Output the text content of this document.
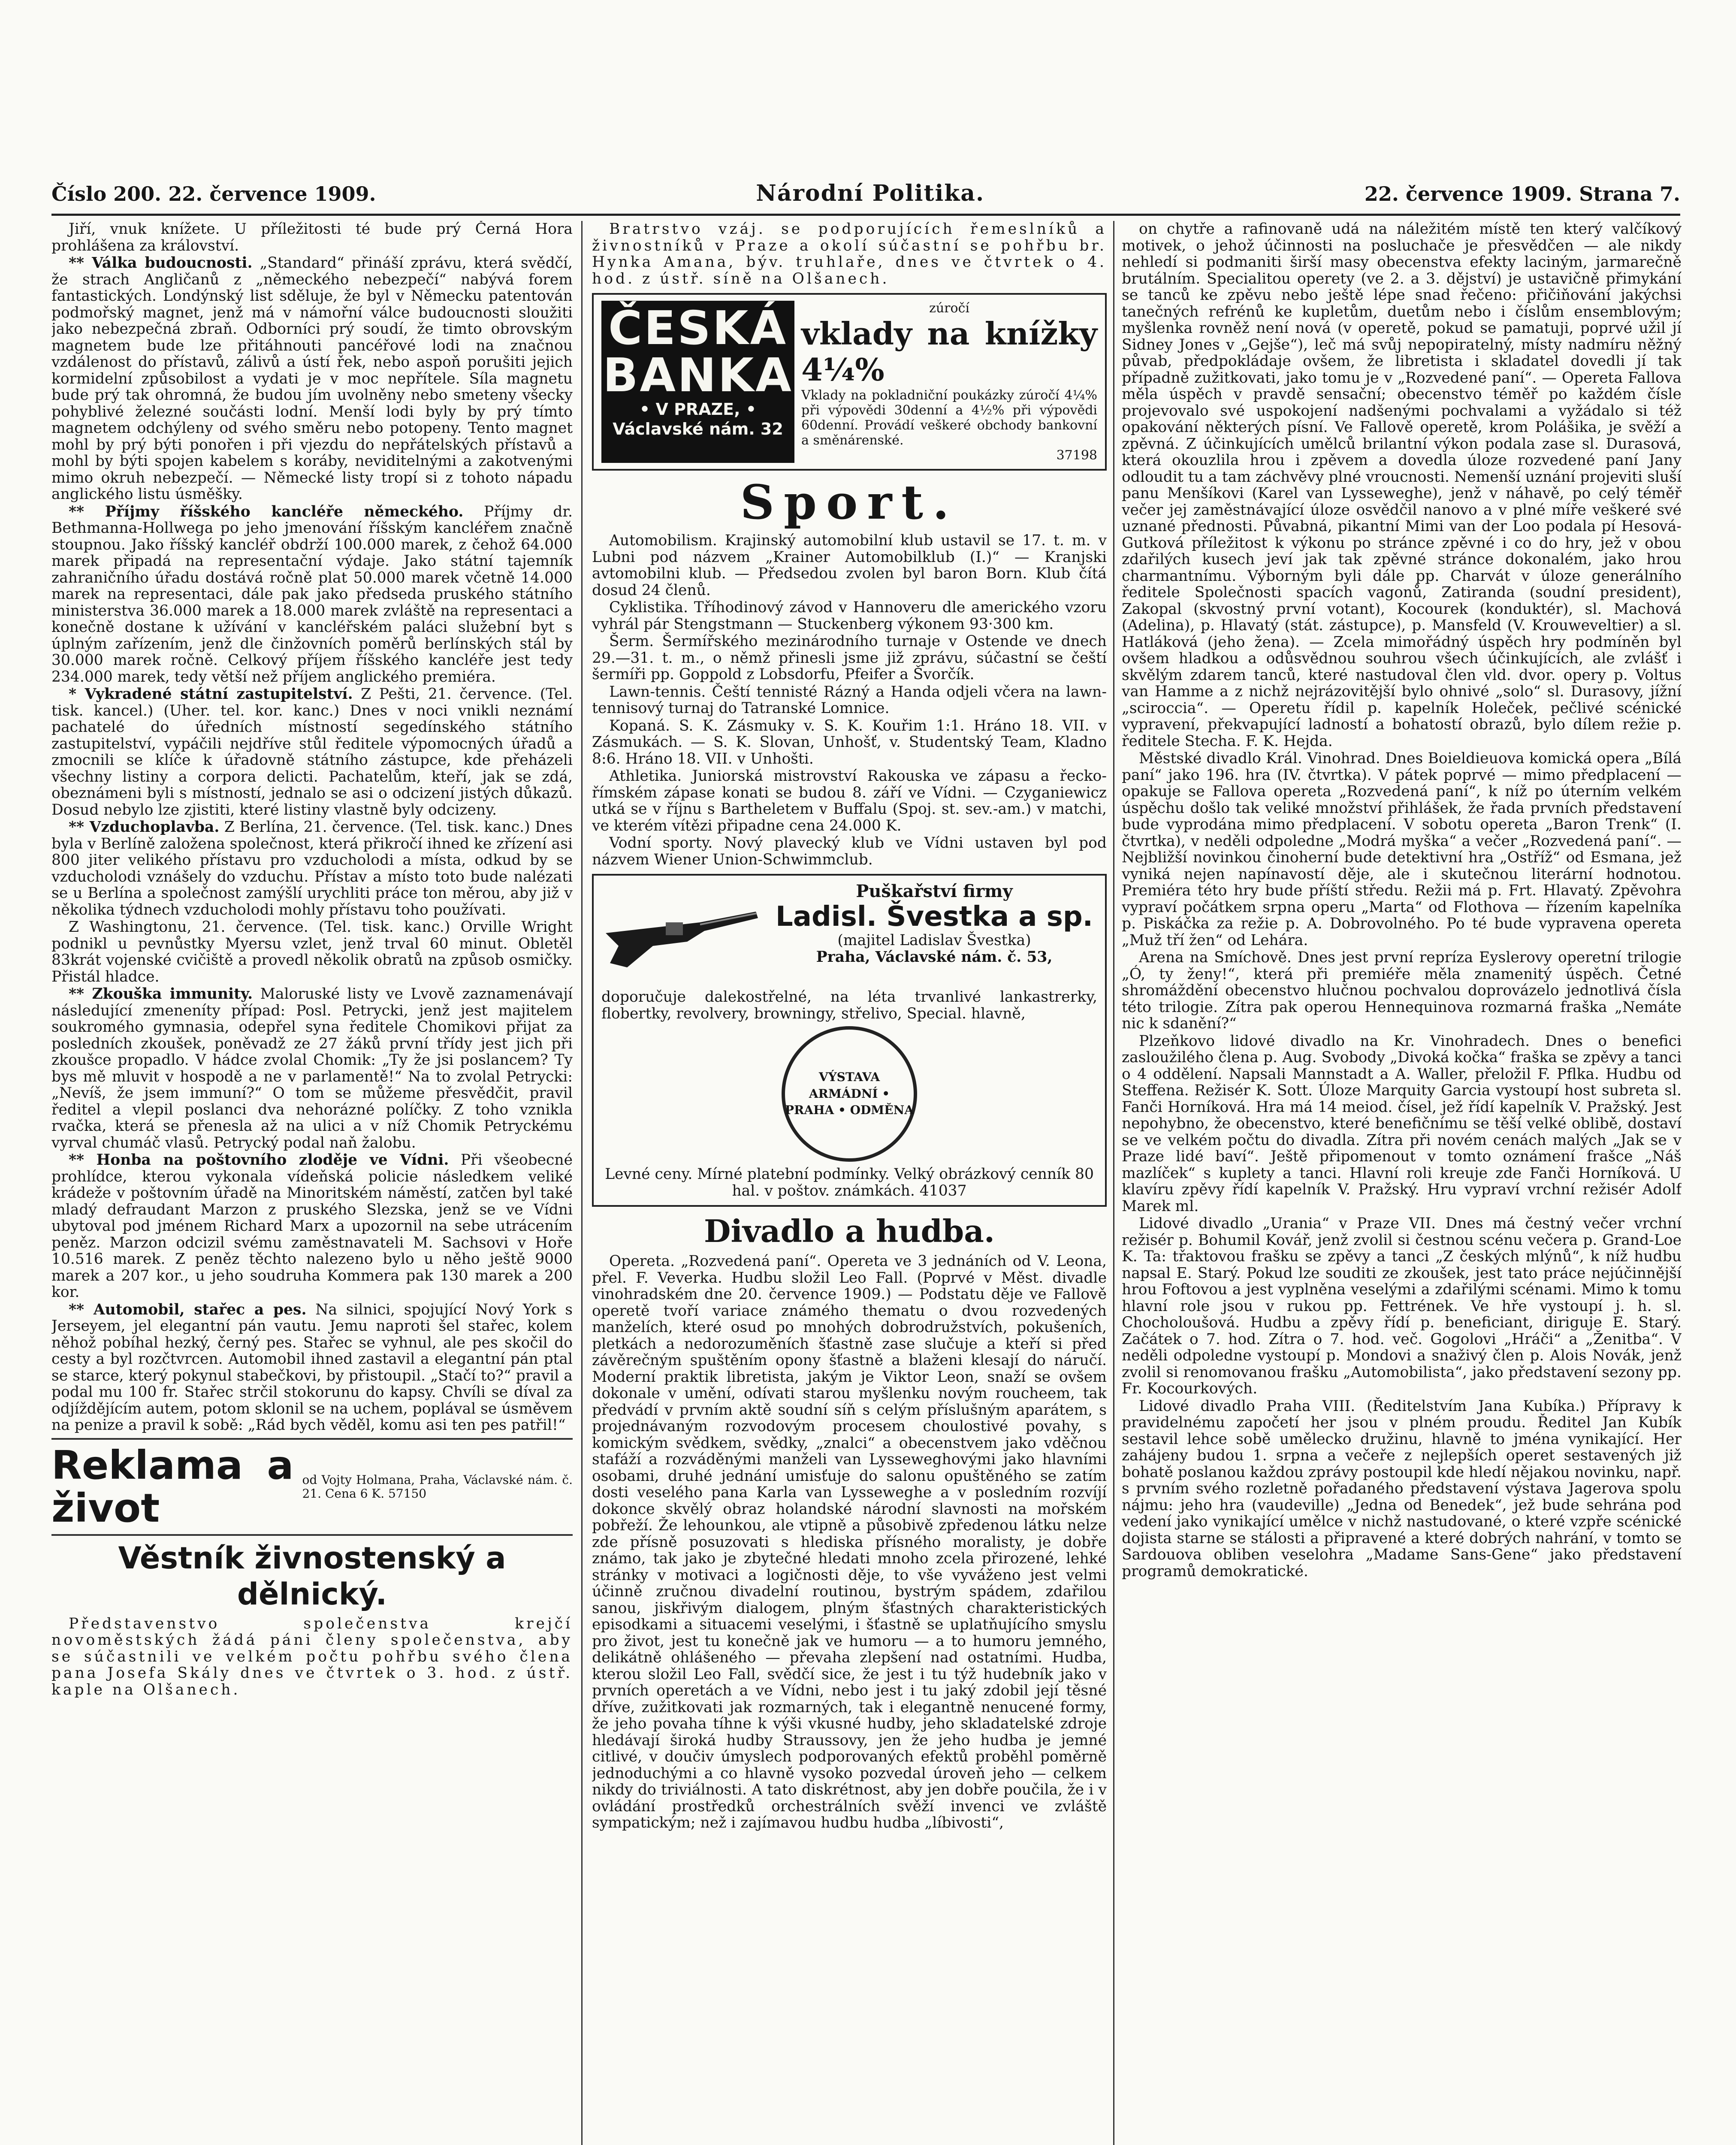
Číslo 200. 22. července 1909.	Národní Politika.	22. července 1909. Strana 7.

Jiří, vnuk knížete. U příležitosti té bude prý Černá Hora prohlášena za království.

** Válka budoucnosti. „Standard“ přináší zprávu, která svědčí, že strach Angličanů z „německého nebezpečí“ nabývá forem fantastických. Londýnský list sděluje, že byl v Německu patentován podmořský magnet, jenž má v námořní válce budoucnosti sloužiti jako nebezpečná zbraň. Odborníci prý soudí, že timto obrovským magnetem bude lze přitáhnouti pancéřové lodi na značnou vzdálenost do přístavů, zálivů a ústí řek, nebo aspoň porušiti jejich kormidelní způsobilost a vydati je v moc nepřítele. Síla magnetu bude prý tak ohromná, že budou jím uvolněny nebo smeteny všecky pohyblivé železné součásti lodní. Menší lodi byly by prý tímto magnetem odchýleny od svého směru nebo potopeny. Tento magnet mohl by prý býti ponořen i při vjezdu do nepřátelských přístavů a mohl by býti spojen kabelem s koráby, neviditelnými a zakotvenými mimo okruh nebezpečí. — Německé listy tropí si z tohoto nápadu anglického listu úsměšky.

** Příjmy říšského kancléře německého. Příjmy dr. Bethmanna-Hollwega po jeho jmenování říšským kancléřem značně stoupnou. Jako říšský kancléř obdrží 100.000 marek, z čehož 64.000 marek připadá na representační výdaje. Jako státní tajemník zahraničního úřadu dostává ročně plat 50.000 marek včetně 14.000 marek na representaci, dále pak jako předseda pruského státního ministerstva 36.000 marek a 18.000 marek zvláště na representaci a konečně dostane k užívání v kancléřském paláci služební byt s úplným zařízením, jenž dle činžovních poměrů berlínských stál by 30.000 marek ročně. Celkový příjem říšského kancléře jest tedy 234.000 marek, tedy větší než příjem anglického premiéra.

* Vykradené státní zastupitelství. Z Pešti, 21. července. (Tel. tisk. kancel.) (Uher. tel. kor. kanc.) Dnes v noci vnikli neznámí pachatelé do úředních místností segedínského státního zastupitelství, vypáčili nejdříve stůl ředitele výpomocných úřadů a zmocnili se klíče k úřadovně státního zástupce, kde přeházeli všechny listiny a corpora delicti. Pachatelům, kteří, jak se zdá, obeznámeni byli s místností, jednalo se asi o odcizení jistých důkazů. Dosud nebylo lze zjistiti, které listiny vlastně byly odcizeny.

** Vzduchoplavba. Z Berlína, 21. července. (Tel. tisk. kanc.) Dnes byla v Berlíně založena společnost, která přikročí ihned ke zřízení asi 800 jiter velikého přístavu pro vzducholodi a místa, odkud by se vzducholodi vznášely do vzduchu. Přístav a místo toto bude nalézati se u Berlína a společnost zamýšlí urychliti práce ton měrou, aby již v několika týdnech vzducholodi mohly přístavu toho používati.

Z Washingtonu, 21. července. (Tel. tisk. kanc.) Orville Wright podnikl u pevnůstky Myersu vzlet, jenž trval 60 minut. Obletěl 83krát vojenské cvičiště a provedl několik obratů na způsob osmičky. Přistál hladce.

** Zkouška immunity. Maloruské listy ve Lvově zaznamenávají následující zmeneníty případ: Posl. Petrycki, jenž jest majitelem soukromého gymnasia, odepřel syna ředitele Chomikovi přijat za posledních zkoušek, poněvadž ze 27 žáků první třídy jest jich při zkoušce propadlo. V hádce zvolal Chomik: „Ty že jsi poslancem? Ty bys mě mluvit v hospodě a ne v parlamentě!“ Na to zvolal Petrycki: „Nevíš, že jsem immuní?“ O tom se můžeme přesvědčit, pravil ředitel a vlepil poslanci dva nehorázné políčky. Z toho vznikla rvačka, která se přenesla až na ulici a v níž Chomik Petryckému vyrval chumáč vlasů. Petrycký podal naň žalobu.

** Honba na poštovního zloděje ve Vídni. Při všeobecné prohlídce, kterou vykonala vídeňská policie následkem veliké krádeže v poštovním úřadě na Minoritském náměstí, zatčen byl také mladý defraudant Marzon z pruského Slezska, jenž se ve Vídni ubytoval pod jménem Richard Marx a upozornil na sebe utrácením peněz. Marzon odcizil svému zaměstnavateli M. Sachsovi v Hoře 10.516 marek. Z peněz těchto nalezeno bylo u něho ještě 9000 marek a 207 kor., u jeho soudruha Kommera pak 130 marek a 200 kor.

** Automobil, stařec a pes. Na silnici, spojující Nový York s Jerseyem, jel elegantní pán vautu. Jemu naproti šel stařec, kolem něhož pobíhal hezký, černý pes. Stařec se vyhnul, ale pes skočil do cesty a byl rozčtvrcen. Automobil ihned zastavil a elegantní pán ptal se starce, který pokynul stabečkovi, by přistoupil. „Stačí to?“ pravil a podal mu 100 fr. Stařec strčil stokorunu do kapsy. Chvíli se díval za odjíždějícím autem, potom sklonil se na uchem, poplával se úsměvem na penize a pravil k sobě: „Rád bych věděl, komu asi ten pes patřil!“

Reklama a život
od Vojty Holmana, Praha, Václavské nám. č. 21. Cena 6 K. 57150
Věstník živnostenský a dělnický.

Představenstvo společenstva krejčí novoměstských žádá páni členy společenstva, aby se súčastnili ve velkém počtu pohřbu svého člena pana Josefa Skály dnes ve čtvrtek o 3. hod. z ústř. kaple na Olšanech.

Bratrstvo vzáj. se podporujících řemeslníků a živnostníků v Praze a okolí súčastní se pohřbu br. Hynka Amana, býv. truhlaře, dnes ve čtvrtek o 4. hod. z ústř. síně na Olšanech.

ČESKÁ
BANKA
• V PRAZE, •
Václavské nám. 32
zúročí
vklady na knížky 4¼%
Vklady na pokladniční poukázky zúročí 4¼% při výpovědi 30denní a 4½% při výpovědi 60denní. Provádí veškeré obchody bankovní a směnárenské.
37198
Sport.

Automobilism. Krajinský automobilní klub ustavil se 17. t. m. v Lubni pod názvem „Krainer Automobilklub (I.)“ — Kranjski avtomobilni klub. — Předsedou zvolen byl baron Born. Klub čítá dosud 24 členů.

Cyklistika. Tříhodinový závod v Hannoveru dle amerického vzoru vyhrál pár Stengstmann — Stuckenberg výkonem 93·300 km.

Šerm. Šermířského mezinárodního turnaje v Ostende ve dnech 29.—31. t. m., o němž přinesli jsme již zprávu, súčastní se čeští šermíři pp. Goppold z Lobsdorfu, Pfeifer a Švorčík.

Lawn-tennis. Čeští tennisté Rázný a Handa odjeli včera na lawn-tennisový turnaj do Tatranské Lomnice.

Kopaná. S. K. Zásmuky v. S. K. Kouřim 1:1. Hráno 18. VII. v Zásmukách. — S. K. Slovan, Unhošť, v. Studentský Team, Kladno 8:6. Hráno 18. VII. v Unhošti.

Athletika. Juniorská mistrovství Rakouska ve zápasu a řecko-římském zápase konati se budou 8. září ve Vídni. — Czyganiewicz utká se v říjnu s Bartheletem v Buffalu (Spoj. st. sev.-am.) v matchi, ve kterém vítězi připadne cena 24.000 K.

Vodní sporty. Nový plavecký klub ve Vídni ustaven byl pod názvem Wiener Union-Schwimmclub.

Puškařství firmy
Ladisl. Švestka a sp.
(majitel Ladislav Švestka)
Praha, Václavské nám. č. 53,
doporučuje dalekostřelné, na léta trvanlivé lankastrerky, flobertky, revolvery, browningy, střelivo, Special. hlavně,
VÝSTAVA ARMÁDNÍ • PRAHA • ODMĚNA
Levné ceny. Mírné platební podmínky. Velký obrázkový cenník 80 hal. v poštov. známkách. 41037
Divadlo a hudba.

Opereta. „Rozvedená paní“. Opereta ve 3 jednáních od V. Leona, přel. F. Veverka. Hudbu složil Leo Fall. (Poprvé v Měst. divadle vinohradském dne 20. července 1909.) — Podstatu děje ve Fallově operetě tvoří variace známého thematu o dvou rozvedených manželích, které osud po mnohých dobrodružstvích, pokušeních, pletkách a nedorozuměních šťastně zase slučuje a kteří si před závěrečným spuštěním opony šťastně a blaženi klesají do náručí. Moderní praktik libretista, jakým je Viktor Leon, snaží se ovšem dokonale v umění, odívati starou myšlenku novým roucheem, tak předvádí v prvním aktě soudní síň s celým příslušným aparátem, s projednávaným rozvodovým procesem choulostivé povahy, s komickým svědkem, svědky, „znalci“ a obecenstvem jako vděčnou stafáží a rozváděnými manželi van Lysseweghovými jako hlavními osobami, druhé jednání umisťuje do salonu opuštěného se zatím dosti veselého pana Karla van Lysseweghe a v posledním rozvíjí dokonce skvělý obraz holandské národní slavnosti na mořském pobřeží. Že lehounkou, ale vtipně a působivě zpředenou látku nelze zde přísně posuzovati s hlediska přísného moralisty, je dobře známo, tak jako je zbytečné hledati mnoho zcela přirozené, lehké stránky v motivaci a logičnosti děje, to vše vyváženo jest velmi účinně zručnou divadelní routinou, bystrým spádem, zdařilou sanou, jiskřivým dialogem, plným šťastných charakteristických episodkami a situacemi veselými, i šťastně se uplatňujícího smyslu pro život, jest tu konečně jak ve humoru — a to humoru jemného, delikátně ohlášeného — převaha zlepšení nad ostatními. Hudba, kterou složil Leo Fall, svědčí sice, že jest i tu týž hudebník jako v prvních operetách a ve Vídni, nebo jest i tu jaký zdobil její těsné dříve, zužitkovati jak rozmarných, tak i elegantně nenucené formy, že jeho povaha tíhne k výši vkusné hudby, jeho skladatelské zdroje hledávají široká hudby Straussovy, jen že jeho hudba je jemné citlivé, v doučiv úmyslech podporovaných efektů proběhl poměrně jednoduchými a co hlavně vysoko pozvedal úroveň jeho — celkem nikdy do triviálnosti. A tato diskrétnost, aby jen dobře poučila, že i v ovládání prostředků orchestrálních svěží invenci ve zvláště sympatickým; než i zajímavou hudbu hudba „líbivosti“,

on chytře a rafinovaně udá na náležitém místě ten který valčíkový motivek, o jehož účinnosti na posluchače je přesvědčen — ale nikdy nehledí si podmaniti širší masy obecenstva efekty laciným, jarmarečně brutálním. Specialitou operety (ve 2. a 3. dějství) je ustavičně přimykání se tanců ke zpěvu nebo ještě lépe snad řečeno: přičiňování jakýchsi tanečných refrénů ke kupletům, duetům nebo i číslům ensemblovým; myšlenka rovněž není nová (v operetě, pokud se pamatuji, poprvé užil jí Sidney Jones v „Gejše“), leč má svůj nepopiratelný, místy nadmíru něžný půvab, předpokládaje ovšem, že libretista i skladatel dovedli jí tak případně zužitkovati, jako tomu je v „Rozvedené paní“. — Opereta Fallova měla úspěch v pravdě sensační; obecenstvo téměř po každém čísle projevovalo své uspokojení nadšenými pochvalami a vyžádalo si též opakování některých písní. Ve Fallově operetě, krom Polášika, je svěží a zpěvná. Z účinkujících umělců brilantní výkon podala zase sl. Durasová, která okouzlila hrou i zpěvem a dovedla úloze rozvedené paní Jany odloudit tu a tam záchvěvy plné vroucnosti. Nemenší uznání projeviti sluší panu Menšíkovi (Karel van Lysseweghe), jenž v náhavě, po celý téměř večer jej zaměstnávající úloze osvědčil nanovo a v plné míře veškeré své uznané přednosti. Půvabná, pikantní Mimi van der Loo podala pí Hesová-Gutková příležitost k výkonu po stránce zpěvné i co do hry, jež v obou zdařilých kusech jeví jak tak zpěvné stránce dokonalém, jako hrou charmantnímu. Výborným byli dále pp. Charvát v úloze generálního ředitele Společnosti spacích vagonů, Zatiranda (soudní president), Zakopal (skvostný první votant), Kocourek (konduktér), sl. Machová (Adelina), p. Hlavatý (stát. zástupce), p. Mansfeld (V. Krouweveltier) a sl. Hatláková (jeho žena). — Zcela mimořádný úspěch hry podmíněn byl ovšem hladkou a odůsvědnou souhrou všech účinkujících, ale zvlášť i skvělým zdarem tanců, které nastudoval člen vld. dvor. opery p. Voltus van Hamme a z nichž nejrázovitější bylo ohnivé „solo“ sl. Durasovy, jížní „sciroccia“. — Operetu řídil p. kapelník Holeček, pečlivé scénické vypravení, překvapující ladností a bohatostí obrazů, bylo dílem režie p. ředitele Stecha. F. K. Hejda.

Městské divadlo Král. Vinohrad. Dnes Boieldieuova komická opera „Bílá paní“ jako 196. hra (IV. čtvrtka). V pátek poprvé — mimo předplacení — opakuje se Fallova opereta „Rozvedená paní“, k níž po úterním velkém úspěchu došlo tak veliké množství přihlášek, že řada prvních představení bude vyprodána mimo předplacení. V sobotu opereta „Baron Trenk“ (I. čtvrtka), v neděli odpoledne „Modrá myška“ a večer „Rozvedená paní“. — Nejbližší novinkou činoherní bude detektivní hra „Ostříž“ od Esmana, jež vyniká nejen napínavostí děje, ale i skutečnou literární hodnotou. Premiéra této hry bude příští středu. Režii má p. Frt. Hlavatý. Zpěvohra vypraví počátkem srpna operu „Marta“ od Flothova — řízením kapelníka p. Piskáčka za režie p. A. Dobrovolného. Po té bude vypravena opereta „Muž tří žen“ od Lehára.

Arena na Smíchově. Dnes jest první repríza Eyslerovy operetní trilogie „Ó, ty ženy!“, která při premiéře měla znamenitý úspěch. Četné shromáždění obecenstvo hlučnou pochvalou doprovázelo jednotlivá čísla této trilogie. Zítra pak operou Hennequinova rozmarná fraška „Nemáte nic k sdanění?“

Plzeňkovo lidové divadlo na Kr. Vinohradech. Dnes o benefici zasloužilého člena p. Aug. Svobody „Divoká kočka“ fraška se zpěvy a tanci o 4 oddělení. Napsali Mannstadt a A. Waller, přeložil F. Pflka. Hudbu od Steffena. Režisér K. Sott. Úloze Marquity Garcia vystoupí host subreta sl. Fanči Horníková. Hra má 14 meiod. čísel, jež řídí kapelník V. Pražský. Jest nepohybno, že obecenstvo, které benefičnímu se těší velké oblibě, dostaví se ve velkém počtu do divadla. Zítra při novém cenách malých „Jak se v Praze lidé baví“. Ještě připomenout v tomto oznámení frašce „Náš mazlíček“ s kuplety a tanci. Hlavní roli kreuje zde Fanči Horníková. U klavíru zpěvy řídí kapelník V. Pražský. Hru vypraví vrchní režisér Adolf Marek ml.

Lidové divadlo „Urania“ v Praze VII. Dnes má čestný večer vrchní režisér p. Bohumil Kovář, jenž zvolil si čestnou scénu večera p. Grand-Loe K. Ta: třaktovou frašku se zpěvy a tanci „Z českých mlýnů“, k níž hudbu napsal E. Starý. Pokud lze souditi ze zkoušek, jest tato práce nejúčinnější hrou Foftovou a jest vyplněna veselými a zdařilými scénami. Mimo k tomu hlavní role jsou v rukou pp. Fettrének. Ve hře vystoupí j. h. sl. Chocholoušová. Hudbu a zpěvy řídí p. beneficiant, diriguje E. Starý. Začátek o 7. hod. Zítra o 7. hod. več. Gogolovi „Hráči“ a „Ženitba“. V neděli odpoledne vystoupí p. Mondovi a snaživý člen p. Alois Novák, jenž zvolil si renomovanou frašku „Automobilista“, jako představení sezony pp. Fr. Kocourkových.

Lidové divadlo Praha VIII. (Ředitelstvím Jana Kubíka.) Přípravy k pravidelnému započetí her jsou v plném proudu. Ředitel Jan Kubík sestavil lehce sobě umělecko družinu, hlavně to jména vynikající. Her zahájeny budou 1. srpna a večeře z nejlepších operet sestavených již bohatě poslanou každou zprávy postoupil kde hledí nějakou novinku, např. s prvním svého rozletně pořadaného představení výstava Jagerova spolu nájmu: jeho hra (vaudeville) „Jedna od Benedek“, jež bude sehrána pod vedení jako vynikající umělce v nichž nastudované, o které vzpře scénické dojista starne se stálosti a připravené a které dobrých nahrání, v tomto se Sardouova obliben veselohra „Madame Sans-Gene“ jako představení programů demokratické.
